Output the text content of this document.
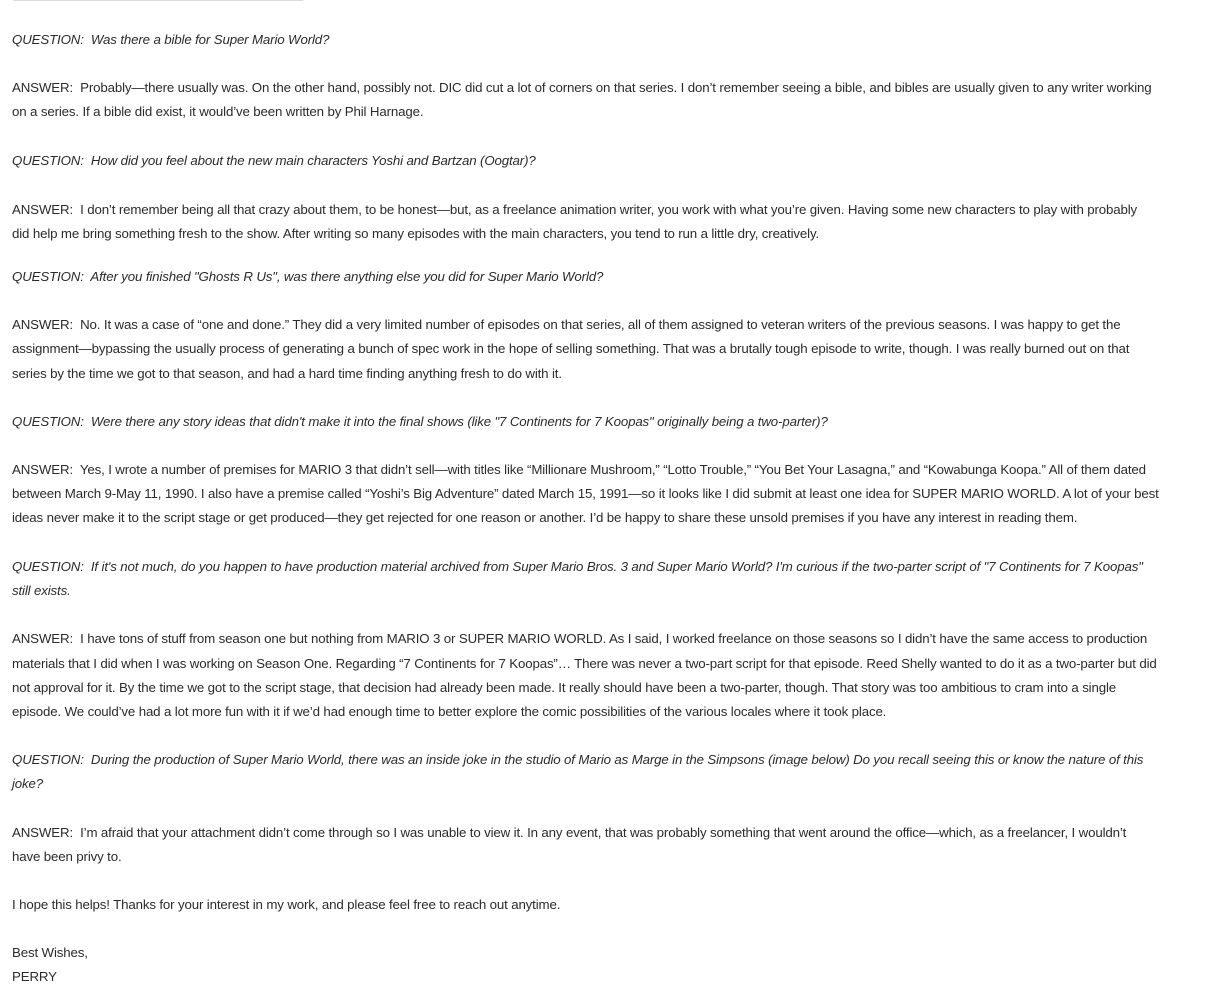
QUESTION: Was there a bible for Super Mario World?
ANSWER: Probably—there usually was. On the other hand, possibly not. DIC did cut a lot of corners on that series. I don’t remember seeing a bible, and bibles are usually given to any writer working
on a series. If a bible did exist, it would’ve been written by Phil Harnage.
QUESTION: How did you feel about the new main characters Yoshi and Bartzan (Oogtar)?
ANSWER: I don’t remember being all that crazy about them, to be honest—but, as a freelance animation writer, you work with what you’re given. Having some new characters to play with probably
did help me bring something fresh to the show. After writing so many episodes with the main characters, you tend to run a little dry, creatively.
QUESTION: After you finished "Ghosts R Us", was there anything else you did for Super Mario World?
ANSWER: No. It was a case of “one and done.” They did a very limited number of episodes on that series, all of them assigned to veteran writers of the previous seasons. I was happy to get the
assignment—bypassing the usually process of generating a bunch of spec work in the hope of selling something. That was a brutally tough episode to write, though. I was really burned out on that
series by the time we got to that season, and had a hard time finding anything fresh to do with it.
QUESTION: Were there any story ideas that didn't make it into the final shows (like "7 Continents for 7 Koopas" originally being a two-parter)?
ANSWER: Yes, I wrote a number of premises for MARIO 3 that didn’t sell—with titles like “Millionare Mushroom,” “Lotto Trouble,” “You Bet Your Lasagna,” and “Kowabunga Koopa.” All of them dated
between March 9-May 11, 1990. I also have a premise called “Yoshi’s Big Adventure” dated March 15, 1991—so it looks like I did submit at least one idea for SUPER MARIO WORLD. A lot of your best
ideas never make it to the script stage or get produced—they get rejected for one reason or another. I’d be happy to share these unsold premises if you have any interest in reading them.
QUESTION: If it's not much, do you happen to have production material archived from Super Mario Bros. 3 and Super Mario World? I'm curious if the two-parter script of "7 Continents for 7 Koopas"
still exists.
ANSWER: I have tons of stuff from season one but nothing from MARIO 3 or SUPER MARIO WORLD. As I said, I worked freelance on those seasons so I didn’t have the same access to production
materials that I did when I was working on Season One. Regarding “7 Continents for 7 Koopas”… There was never a two-part script for that episode. Reed Shelly wanted to do it as a two-parter but did
not approval for it. By the time we got to the script stage, that decision had already been made. It really should have been a two-parter, though. That story was too ambitious to cram into a single
episode. We could’ve had a lot more fun with it if we’d had enough time to better explore the comic possibilities of the various locales where it took place.
QUESTION: During the production of Super Mario World, there was an inside joke in the studio of Mario as Marge in the Simpsons (image below) Do you recall seeing this or know the nature of this
joke?
ANSWER: I’m afraid that your attachment didn’t come through so I was unable to view it. In any event, that was probably something that went around the office—which, as a freelancer, I wouldn’t
have been privy to.
I hope this helps! Thanks for your interest in my work, and please feel free to reach out anytime.
Best Wishes,
PERRY
